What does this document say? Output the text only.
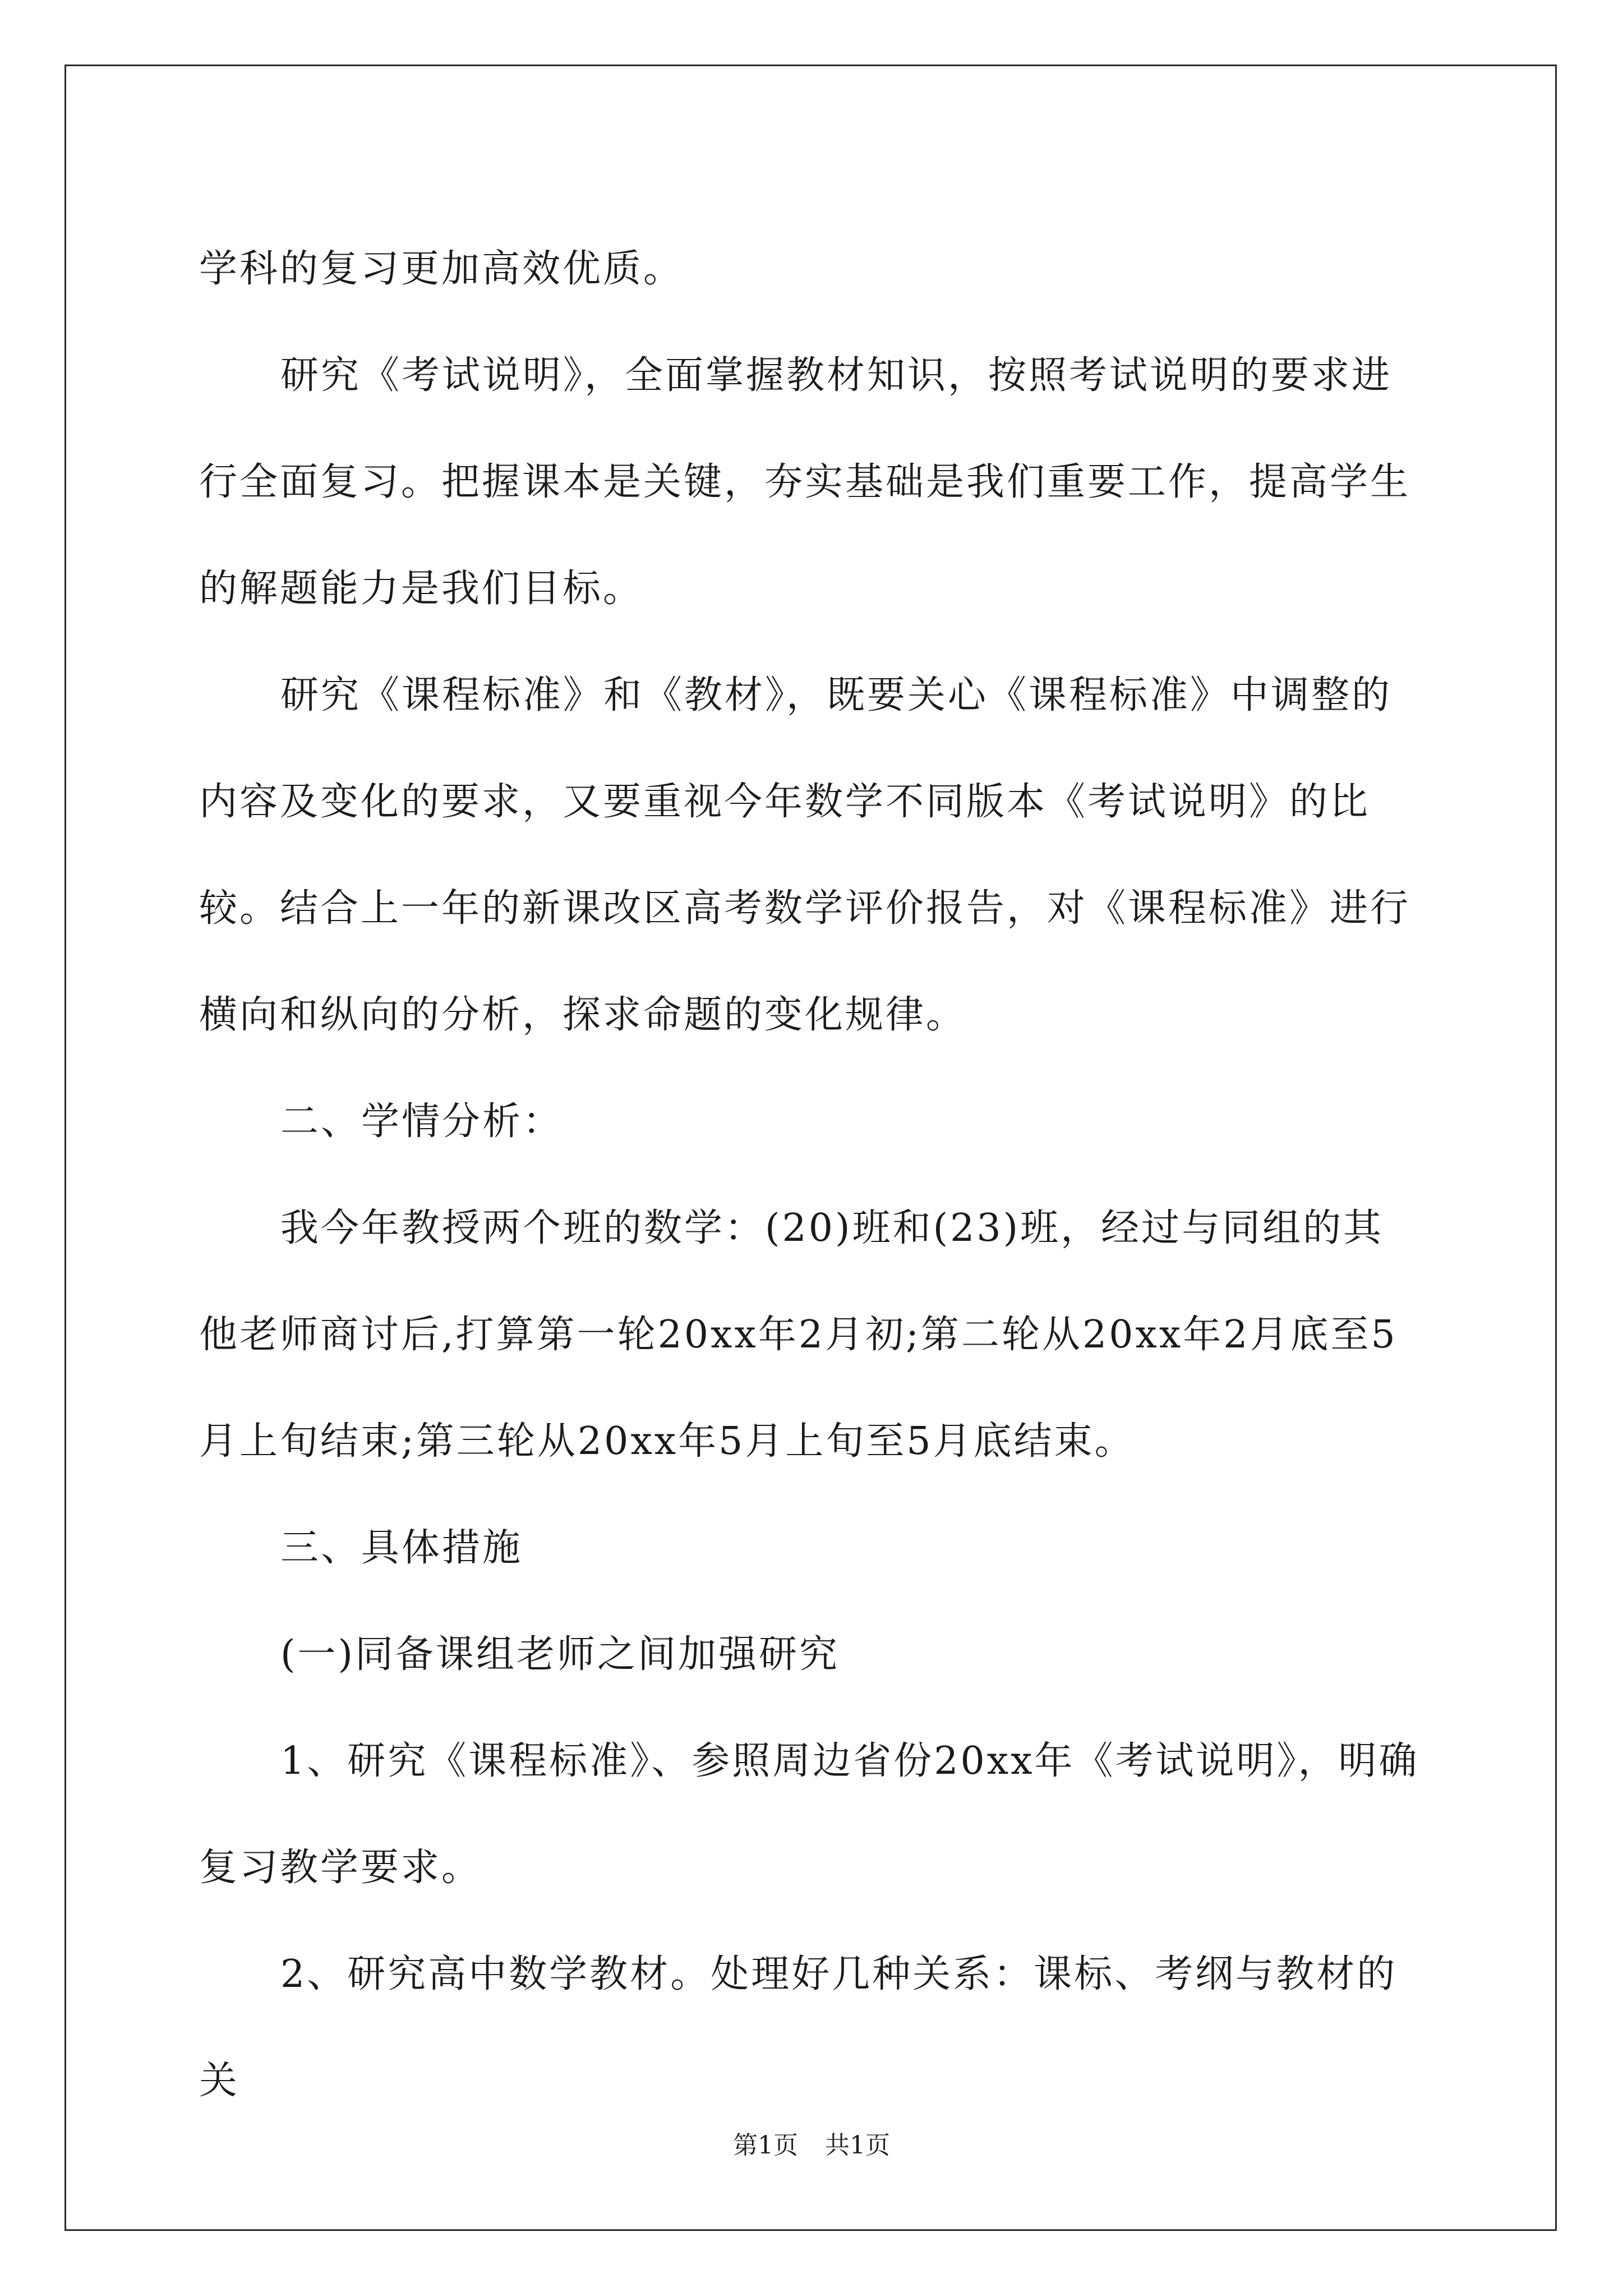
学科的复习更加高效优质。

研究《考试说明》，全面掌握教材知识，按照考试说明的要求进行全面复习。把握课本是关键，夯实基础是我们重要工作，提高学生的解题能力是我们目标。

研究《课程标准》和《教材》，既要关心《课程标准》中调整的内容及变化的要求，又要重视今年数学不同版本《考试说明》的比较。结合上一年的新课改区高考数学评价报告，对《课程标准》进行横向和纵向的分析，探求命题的变化规律。

二、学情分析：

我今年教授两个班的数学：(20)班和(23)班，经过与同组的其他老师商讨后,打算第一轮20xx年2月初;第二轮从20xx年2月底至5月上旬结束;第三轮从20xx年5月上旬至5月底结束。

三、具体措施

(一)同备课组老师之间加强研究

1、研究《课程标准》、参照周边省份20xx年《考试说明》，明确复习教学要求。

2、研究高中数学教材。处理好几种关系：课标、考纲与教材的关

第1页 共1页
